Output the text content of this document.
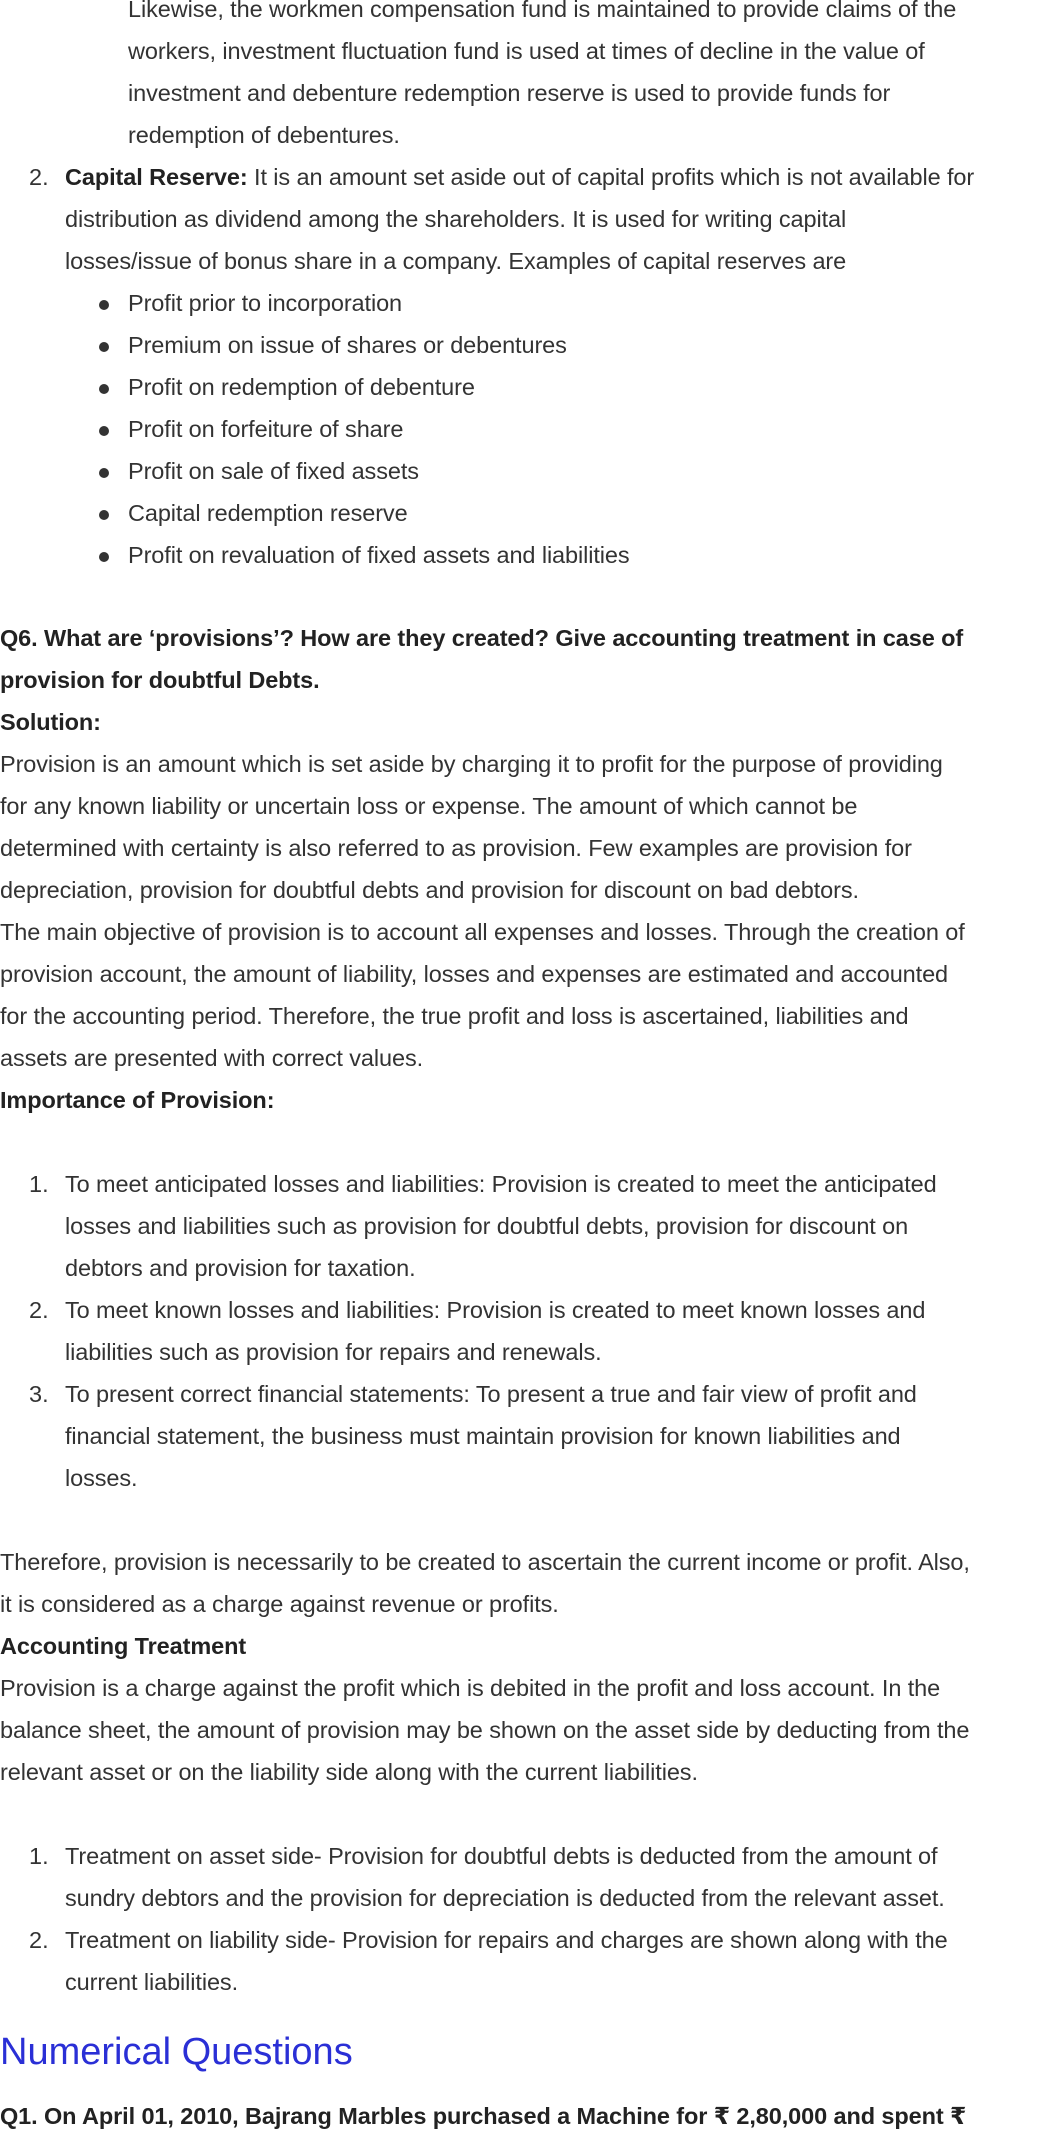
Likewise, the workmen compensation fund is maintained to provide claims of the
workers, investment fluctuation fund is used at times of decline in the value of
investment and debenture redemption reserve is used to provide funds for
redemption of debentures.
2. Capital Reserve: It is an amount set aside out of capital profits which is not available for
distribution as dividend among the shareholders. It is used for writing capital
losses/issue of bonus share in a company. Examples of capital reserves are
Profit prior to incorporation
Premium on issue of shares or debentures
Profit on redemption of debenture
Profit on forfeiture of share
Profit on sale of fixed assets
Capital redemption reserve
Profit on revaluation of fixed assets and liabilities
Q6. What are ‘provisions’? How are they created? Give accounting treatment in case of
provision for doubtful Debts.
Solution:
Provision is an amount which is set aside by charging it to profit for the purpose of providing
for any known liability or uncertain loss or expense. The amount of which cannot be
determined with certainty is also referred to as provision. Few examples are provision for
depreciation, provision for doubtful debts and provision for discount on bad debtors.
The main objective of provision is to account all expenses and losses. Through the creation of
provision account, the amount of liability, losses and expenses are estimated and accounted
for the accounting period. Therefore, the true profit and loss is ascertained, liabilities and
assets are presented with correct values.
Importance of Provision:
1. To meet anticipated losses and liabilities: Provision is created to meet the anticipated
losses and liabilities such as provision for doubtful debts, provision for discount on
debtors and provision for taxation.
2. To meet known losses and liabilities: Provision is created to meet known losses and
liabilities such as provision for repairs and renewals.
3. To present correct financial statements: To present a true and fair view of profit and
financial statement, the business must maintain provision for known liabilities and
losses.
Therefore, provision is necessarily to be created to ascertain the current income or profit. Also,
it is considered as a charge against revenue or profits.
Accounting Treatment
Provision is a charge against the profit which is debited in the profit and loss account. In the
balance sheet, the amount of provision may be shown on the asset side by deducting from the
relevant asset or on the liability side along with the current liabilities.
1. Treatment on asset side- Provision for doubtful debts is deducted from the amount of
sundry debtors and the provision for depreciation is deducted from the relevant asset.
2. Treatment on liability side- Provision for repairs and charges are shown along with the
current liabilities.
Numerical Questions
Q1. On April 01, 2010, Bajrang Marbles purchased a Machine for ₹ 2,80,000 and spent ₹
